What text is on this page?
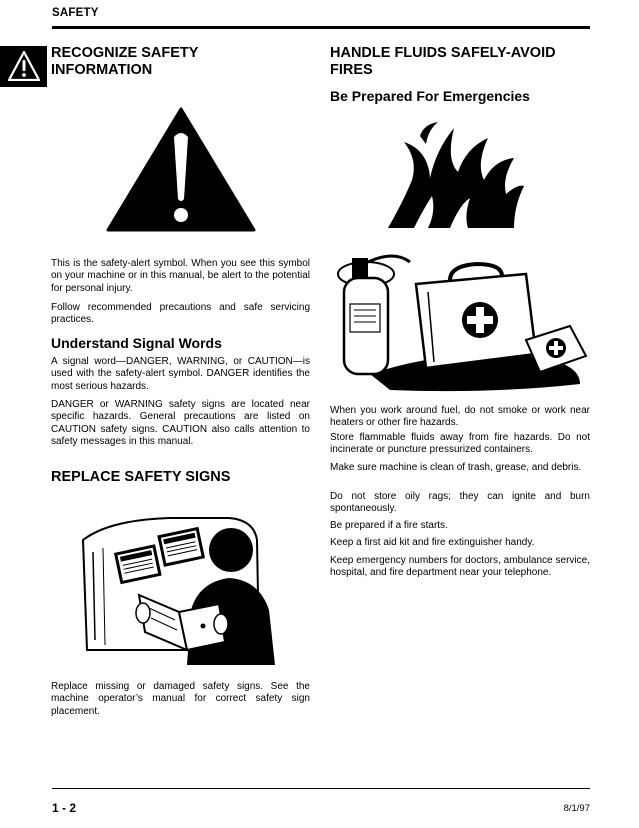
SAFETY
RECOGNIZE SAFETY INFORMATION

This is the safety-alert symbol. When you see this symbol on your machine or in this manual, be alert to the potential for personal injury.

Follow recommended precautions and safe servicing practices.

Understand Signal Words

A signal word—DANGER, WARNING, or CAUTION—is used with the safety-alert symbol. DANGER identifies the most serious hazards.

DANGER or WARNING safety signs are located near specific hazards. General precautions are listed on CAUTION safety signs. CAUTION also calls attention to safety messages in this manual.

REPLACE SAFETY SIGNS

Replace missing or damaged safety signs. See the machine operator’s manual for correct safety sign placement.

HANDLE FLUIDS SAFELY-AVOID FIRES
Be Prepared For Emergencies

When you work around fuel, do not smoke or work near heaters or other fire hazards.

Store flammable fluids away from fire hazards. Do not incinerate or puncture pressurized containers.

Make sure machine is clean of trash, grease, and debris.

Do not store oily rags; they can ignite and burn spontaneously.

Be prepared if a fire starts.

Keep a first aid kit and fire extinguisher handy.

Keep emergency numbers for doctors, ambulance service, hospital, and fire department near your telephone.

1 - 2	8/1/97
